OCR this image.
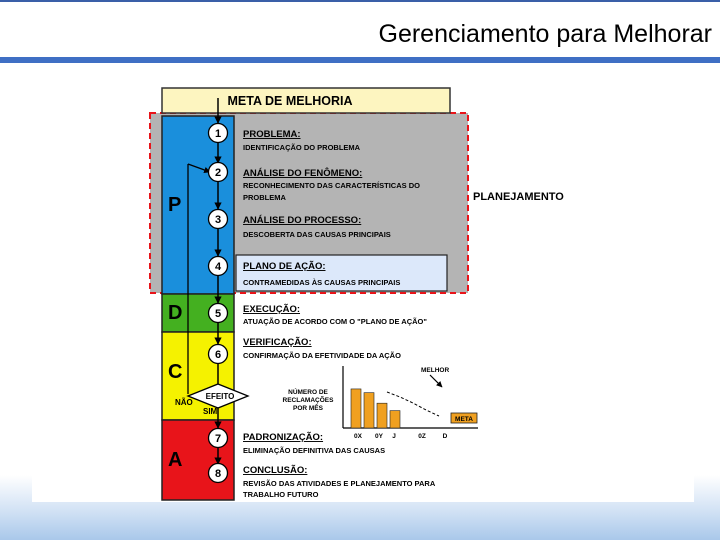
Gerenciamento para Melhorar
META DE MELHORIA
P
D
C
A
EFEITO
NÃO
SIM
1
2
3
4
5
6
7
8
PROBLEMA:
IDENTIFICAÇÃO DO PROBLEMA
ANÁLISE DO FENÔMENO:
RECONHECIMENTO DAS CARACTERÍSTICAS DO
PROBLEMA
ANÁLISE DO PROCESSO:
DESCOBERTA DAS CAUSAS PRINCIPAIS
PLANO DE AÇÃO:
CONTRAMEDIDAS ÀS CAUSAS PRINCIPAIS
EXECUÇÃO:
ATUAÇÃO DE ACORDO COM O "PLANO DE AÇÃO"
VERIFICAÇÃO:
CONFIRMAÇÃO DA EFETIVIDADE DA AÇÃO
PADRONIZAÇÃO:
ELIMINAÇÃO DEFINITIVA DAS CAUSAS
CONCLUSÃO:
REVISÃO DAS ATIVIDADES E PLANEJAMENTO PARA
TRABALHO FUTURO
PLANEJAMENTO
NÚMERO DE
RECLAMAÇÕES
POR MÊS
MELHOR
META
0X 0Y J	0Z	D
